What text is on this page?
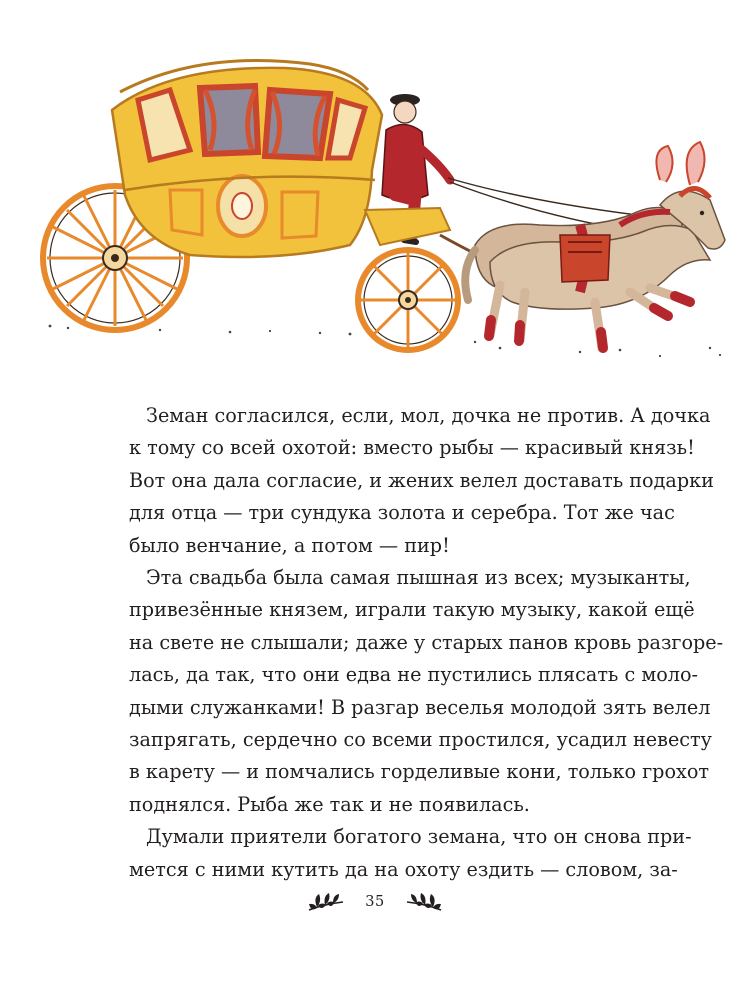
Земан согласился, если, мол, дочка не против. А дочка
к тому со всей охотой: вместо рыбы — красивый князь!
Вот она дала согласие, и жених велел доставать подарки
для отца — три сундука золота и серебра. Тот же час
было венчание, а потом — пир!

Эта свадьба была самая пышная из всех; музыканты,
привезённые князем, играли такую музыку, какой ещё
на свете не слышали; даже у старых панов кровь разгоре-
лась, да так, что они едва не пустились плясать с моло-
дыми служанками! В разгар веселья молодой зять велел
запрягать, сердечно со всеми простился, усадил невесту
в карету — и помчались горделивые кони, только грохот
поднялся. Рыба же так и не появилась.

Думали приятели богатого земана, что он снова при-
мется с ними кутить да на охоту ездить — словом, за-

35
